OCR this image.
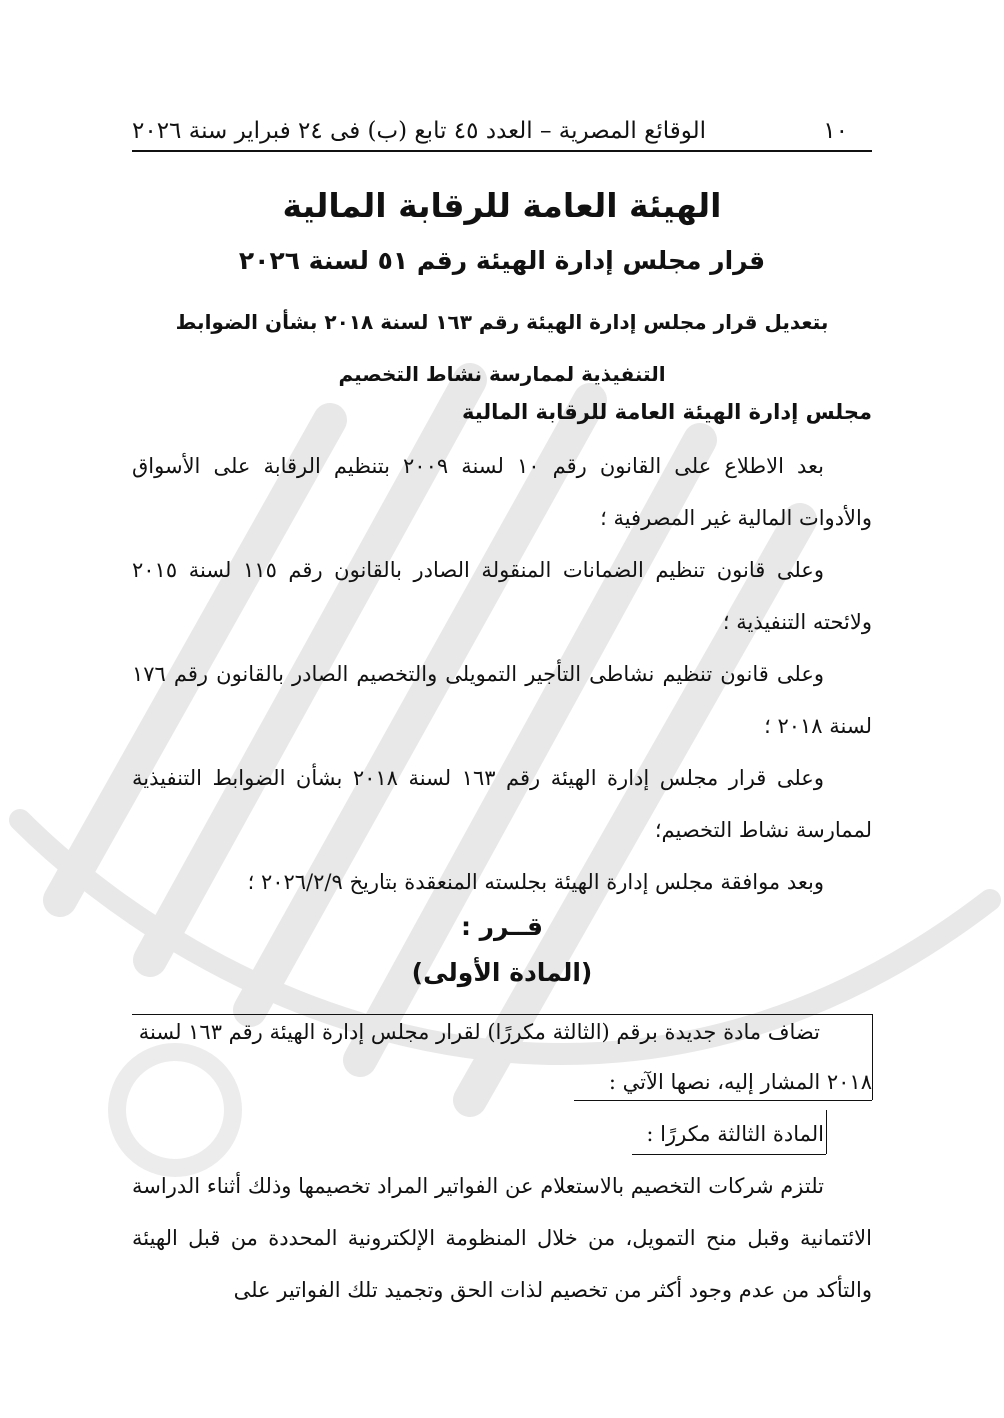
١٠
الوقائع المصرية – العدد ٤٥ تابع (ب) فى ٢٤ فبراير سنة ٢٠٢٦
الهيئة العامة للرقابة المالية
قرار مجلس إدارة الهيئة رقم ٥١ لسنة ٢٠٢٦
بتعديل قرار مجلس إدارة الهيئة رقم ١٦٣ لسنة ٢٠١٨ بشأن الضوابط
التنفيذية لممارسة نشاط التخصيم
مجلس إدارة الهيئة العامة للرقابة المالية
بعد الاطلاع على القانون رقم ١٠ لسنة ٢٠٠٩ بتنظيم الرقابة على الأسواق والأدوات المالية غير المصرفية ؛
وعلى قانون تنظيم الضمانات المنقولة الصادر بالقانون رقم ١١٥ لسنة ٢٠١٥ ولائحته التنفيذية ؛
وعلى قانون تنظيم نشاطى التأجير التمويلى والتخصيم الصادر بالقانون رقم ١٧٦ لسنة ٢٠١٨ ؛
وعلى قرار مجلس إدارة الهيئة رقم ١٦٣ لسنة ٢٠١٨ بشأن الضوابط التنفيذية لممارسة نشاط التخصيم؛
وبعد موافقة مجلس إدارة الهيئة بجلسته المنعقدة بتاريخ ٢٠٢٦/٢/٩ ؛
قــرر :
(المادة الأولى)
تضاف مادة جديدة برقم (الثالثة مكررًا) لقرار مجلس إدارة الهيئة رقم ١٦٣ لسنة
٢٠١٨ المشار إليه، نصها الآتي :
المادة الثالثة مكررًا :
تلتزم شركات التخصيم بالاستعلام عن الفواتير المراد تخصيمها وذلك أثناء الدراسة الائتمانية وقبل منح التمويل، من خلال المنظومة الإلكترونية المحددة من قبل الهيئة والتأكد من عدم وجود أكثر من تخصيم لذات الحق وتجميد تلك الفواتير على
